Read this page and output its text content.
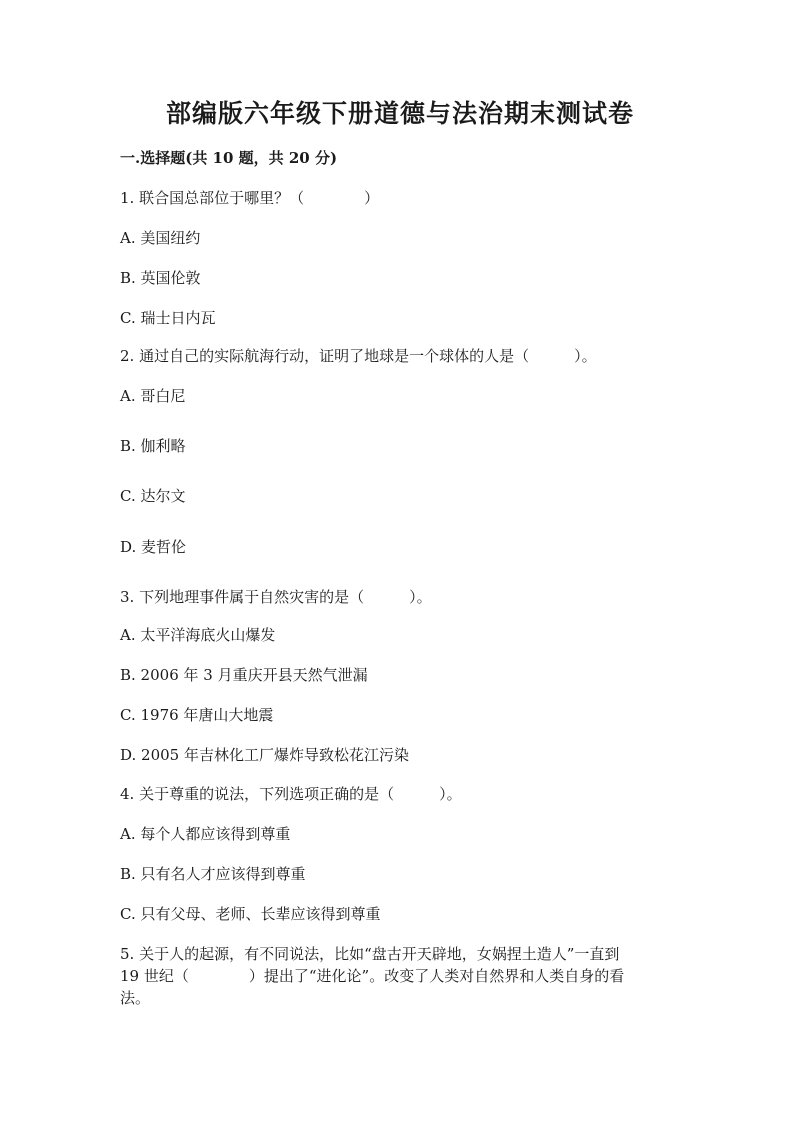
部编版六年级下册道德与法治期末测试卷
一.选择题(共 10 题，共 20 分)
1. 联合国总部位于哪里？（　　　　）
A. 美国纽约
B. 英国伦敦
C. 瑞士日内瓦
2. 通过自己的实际航海行动，证明了地球是一个球体的人是（　　　）。
A. 哥白尼
B. 伽利略
C. 达尔文
D. 麦哲伦
3. 下列地理事件属于自然灾害的是（　　　）。
A. 太平洋海底火山爆发
B. 2006 年 3 月重庆开县天然气泄漏
C. 1976 年唐山大地震
D. 2005 年吉林化工厂爆炸导致松花江污染
4. 关于尊重的说法，下列选项正确的是（　　　）。
A. 每个人都应该得到尊重
B. 只有名人才应该得到尊重
C. 只有父母、老师、长辈应该得到尊重
5. 关于人的起源，有不同说法，比如“盘古开天辟地，女娲捏土造人”一直到
19 世纪（　　　　）提出了“进化论”。改变了人类对自然界和人类自身的看
法。
